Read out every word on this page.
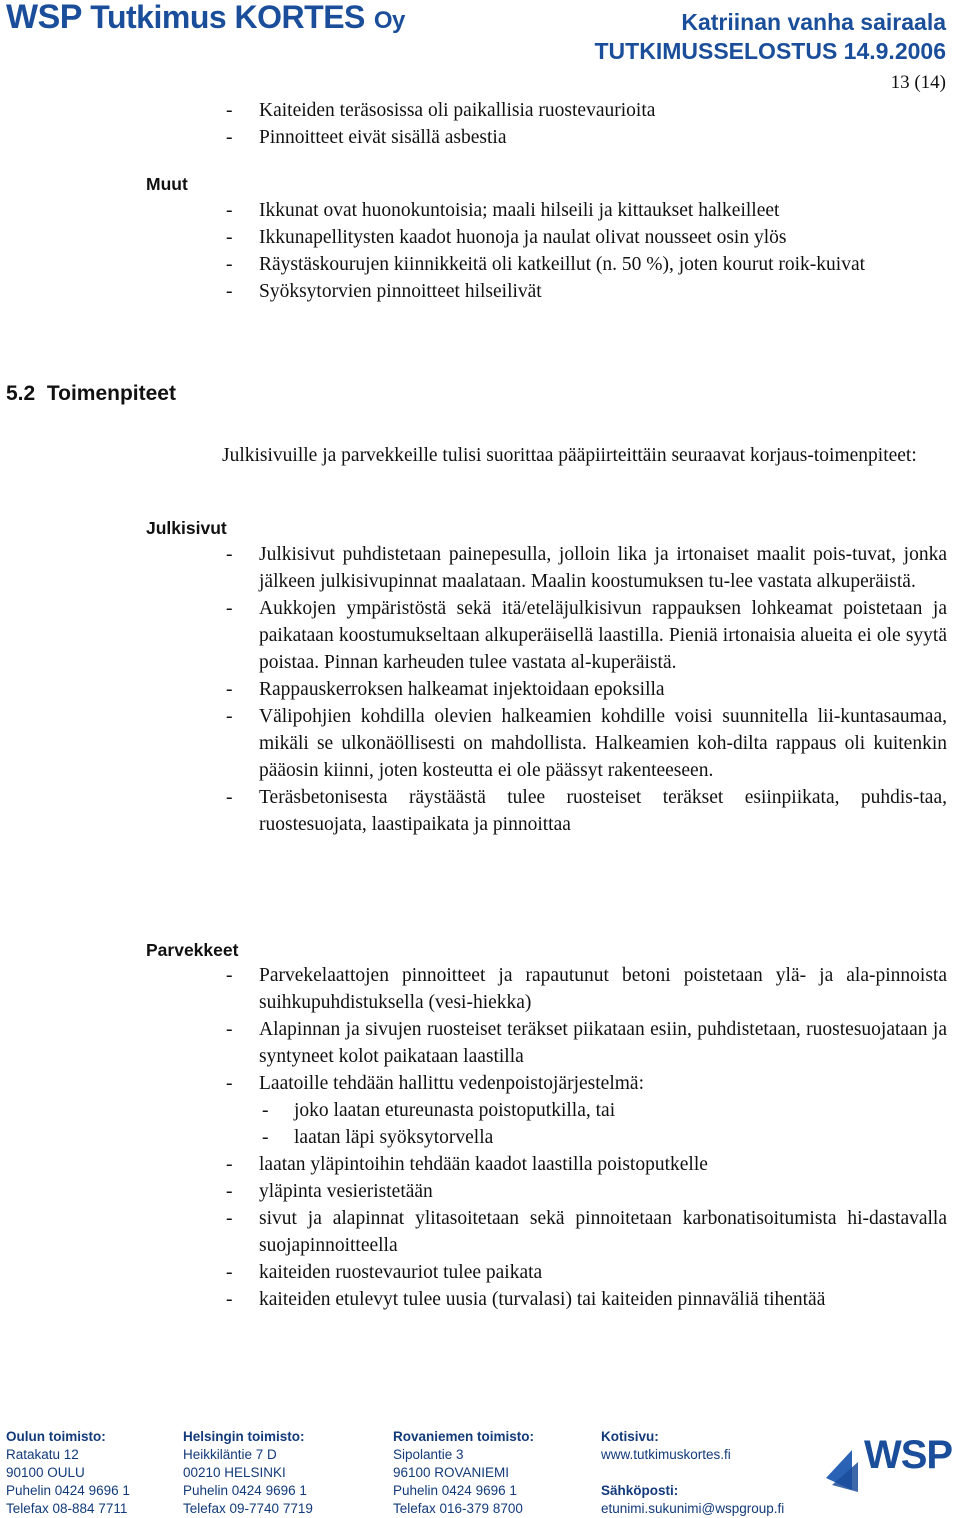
WSP Tutkimus KORTES Oy	Katriinan vanha sairaala
TUTKIMUSSELOSTUS 14.9.2006
13 (14)
- Kaiteiden teräsosissa oli paikallisia ruostevaurioita
- Pinnoitteet eivät sisällä asbestia
Muut
- Ikkunat ovat huonokuntoisia; maali hilseili ja kittaukset halkeilleet
- Ikkunapellitysten kaadot huonoja ja naulat olivat nousseet osin ylös
- Räystäskourujen kiinnikkeitä oli katkeillut (n. 50 %), joten kourut roik-kuivat
- Syöksytorvien pinnoitteet hilseilivät
5.2  Toimenpiteet
Julkisivuille ja parvekkeille tulisi suorittaa pääpiirteittäin seuraavat korjaus-toimenpiteet:
Julkisivut
- Julkisivut puhdistetaan painepesulla, jolloin lika ja irtonaiset maalit pois-tuvat, jonka jälkeen julkisivupinnat maalataan. Maalin koostumuksen tu-lee vastata alkuperäistä.
- Aukkojen ympäristöstä sekä itä/eteläjulkisivun rappauksen lohkeamat poistetaan ja paikataan koostumukseltaan alkuperäisellä laastilla. Pieniä irtonaisia alueita ei ole syytä poistaa. Pinnan karheuden tulee vastata al-kuperäistä.
- Rappauskerroksen halkeamat injektoidaan epoksilla
- Välipohjien kohdilla olevien halkeamien kohdille voisi suunnitella lii-kuntasaumaa, mikäli se ulkonäöllisesti on mahdollista. Halkeamien koh-dilta rappaus oli kuitenkin pääosin kiinni, joten kosteutta ei ole päässyt rakenteeseen.
- Teräsbetonisesta räystäästä tulee ruosteiset teräkset esiinpiikata, puhdis-taa, ruostesuojata, laastipaikata ja pinnoittaa
Parvekkeet
- Parvekelaattojen pinnoitteet ja rapautunut betoni poistetaan ylä- ja ala-pinnoista suihkupuhdistuksella (vesi-hiekka)
- Alapinnan ja sivujen ruosteiset teräkset piikataan esiin, puhdistetaan, ruostesuojataan ja syntyneet kolot paikataan laastilla
- Laatoille tehdään hallittu vedenpoistojärjestelmä:
- joko laatan etureunasta poistoputkilla, tai
- laatan läpi syöksytorvella
- laatan yläpintoihin tehdään kaadot laastilla poistoputkelle
- yläpinta vesieristetään
- sivut ja alapinnat ylitasoitetaan sekä pinnoitetaan karbonatisoitumista hi-dastavalla suojapinnoitteella
- kaiteiden ruostevauriot tulee paikata
- kaiteiden etulevyt tulee uusia (turvalasi) tai kaiteiden pinnaväliä tihentää
Oulun toimisto:
Ratakatu 12
90100 OULU
Puhelin 0424 9696 1
Telefax 08-884 7711
Helsingin toimisto:
Heikkiläntie 7 D
00210 HELSINKI
Puhelin 0424 9696 1
Telefax 09-7740 7719
Rovaniemen toimisto:
Sipolantie 3
96100 ROVANIEMI
Puhelin 0424 9696 1
Telefax 016-379 8700
Kotisivu:
www.tutkimuskortes.fi
Sähköposti:
etunimi.sukunimi@wspgroup.fi
WSP
